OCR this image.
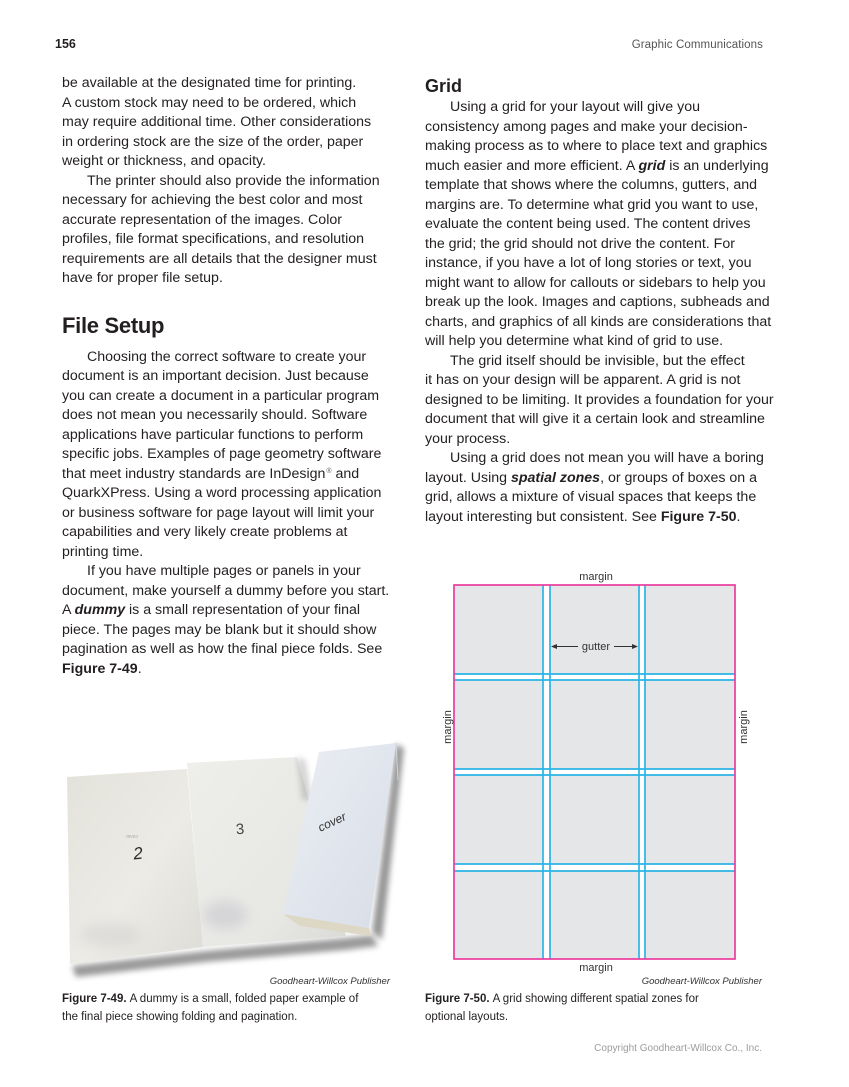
156	Graphic Communications
be available at the designated time for printing.
A custom stock may need to be ordered, which
may require additional time. Other considerations
in ordering stock are the size of the order, paper
weight or thickness, and opacity.
The printer should also provide the information
necessary for achieving the best color and most
accurate representation of the images. Color
profiles, file format specifications, and resolution
requirements are all details that the designer must
have for proper file setup.
File Setup
Choosing the correct software to create your
document is an important decision. Just because
you can create a document in a particular program
does not mean you necessarily should. Software
applications have particular functions to perform
specific jobs. Examples of page geometry software
that meet industry standards are InDesign® and
QuarkXPress. Using a word processing application
or business software for page layout will limit your
capabilities and very likely create problems at
printing time.
If you have multiple pages or panels in your
document, make yourself a dummy before you start.
A dummy is a small representation of your final
piece. The pages may be blank but it should show
pagination as well as how the final piece folds. See
Figure 7-49.
Grid
Using a grid for your layout will give you
consistency among pages and make your decision-
making process as to where to place text and graphics
much easier and more efficient. A grid is an underlying
template that shows where the columns, gutters, and
margins are. To determine what grid you want to use,
evaluate the content being used. The content drives
the grid; the grid should not drive the content. For
instance, if you have a lot of long stories or text, you
might want to allow for callouts or sidebars to help you
break up the look. Images and captions, subheads and
charts, and graphics of all kinds are considerations that
will help you determine what kind of grid to use.
The grid itself should be invisible, but the effect
it has on your design will be apparent. A grid is not
designed to be limiting. It provides a foundation for your
document that will give it a certain look and streamline
your process.
Using a grid does not mean you will have a boring
layout. Using spatial zones, or groups of boxes on a
grid, allows a mixture of visual spaces that keeps the
layout interesting but consistent. See Figure 7-50.
cover
2
3	cover
Goodheart-Willcox Publisher
Figure 7-49. A dummy is a small, folded paper example of
the final piece showing folding and pagination.
gutter
margin
margin
margin	margin
Goodheart-Willcox Publisher
Figure 7-50. A grid showing different spatial zones for
optional layouts.
Copyright Goodheart-Willcox Co., Inc.
